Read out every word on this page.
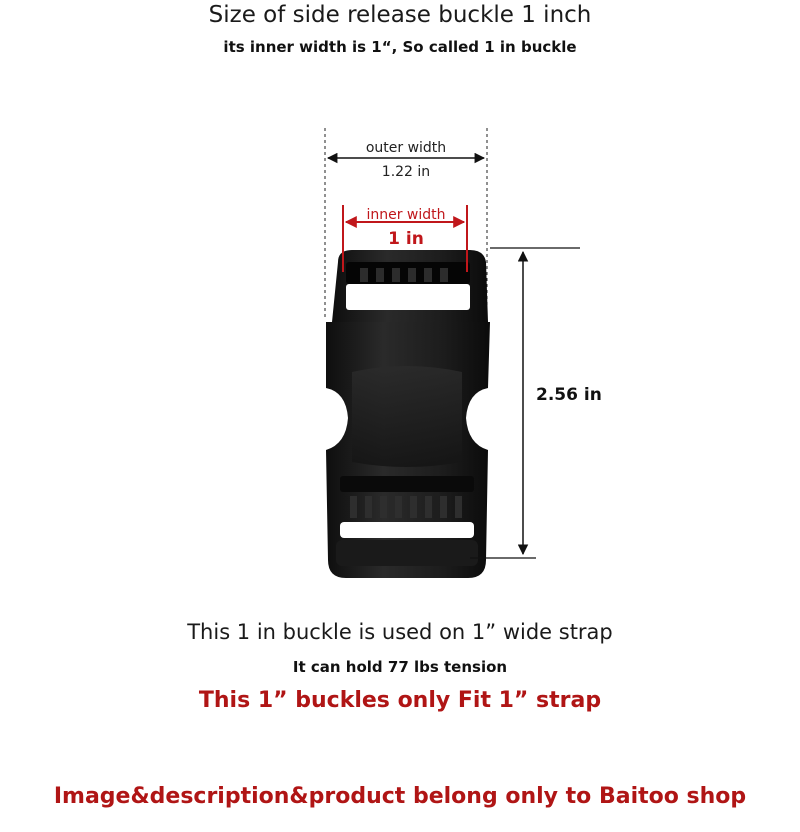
Size of side release buckle 1 inch
its inner width is 1“, So called 1 in buckle
outer width
1.22 in
inner width
1 in
2.56 in
This 1 in buckle is used on 1” wide strap
It can hold 77 lbs tension
This 1” buckles only Fit 1” strap
Image&description&product belong only to Baitoo shop
